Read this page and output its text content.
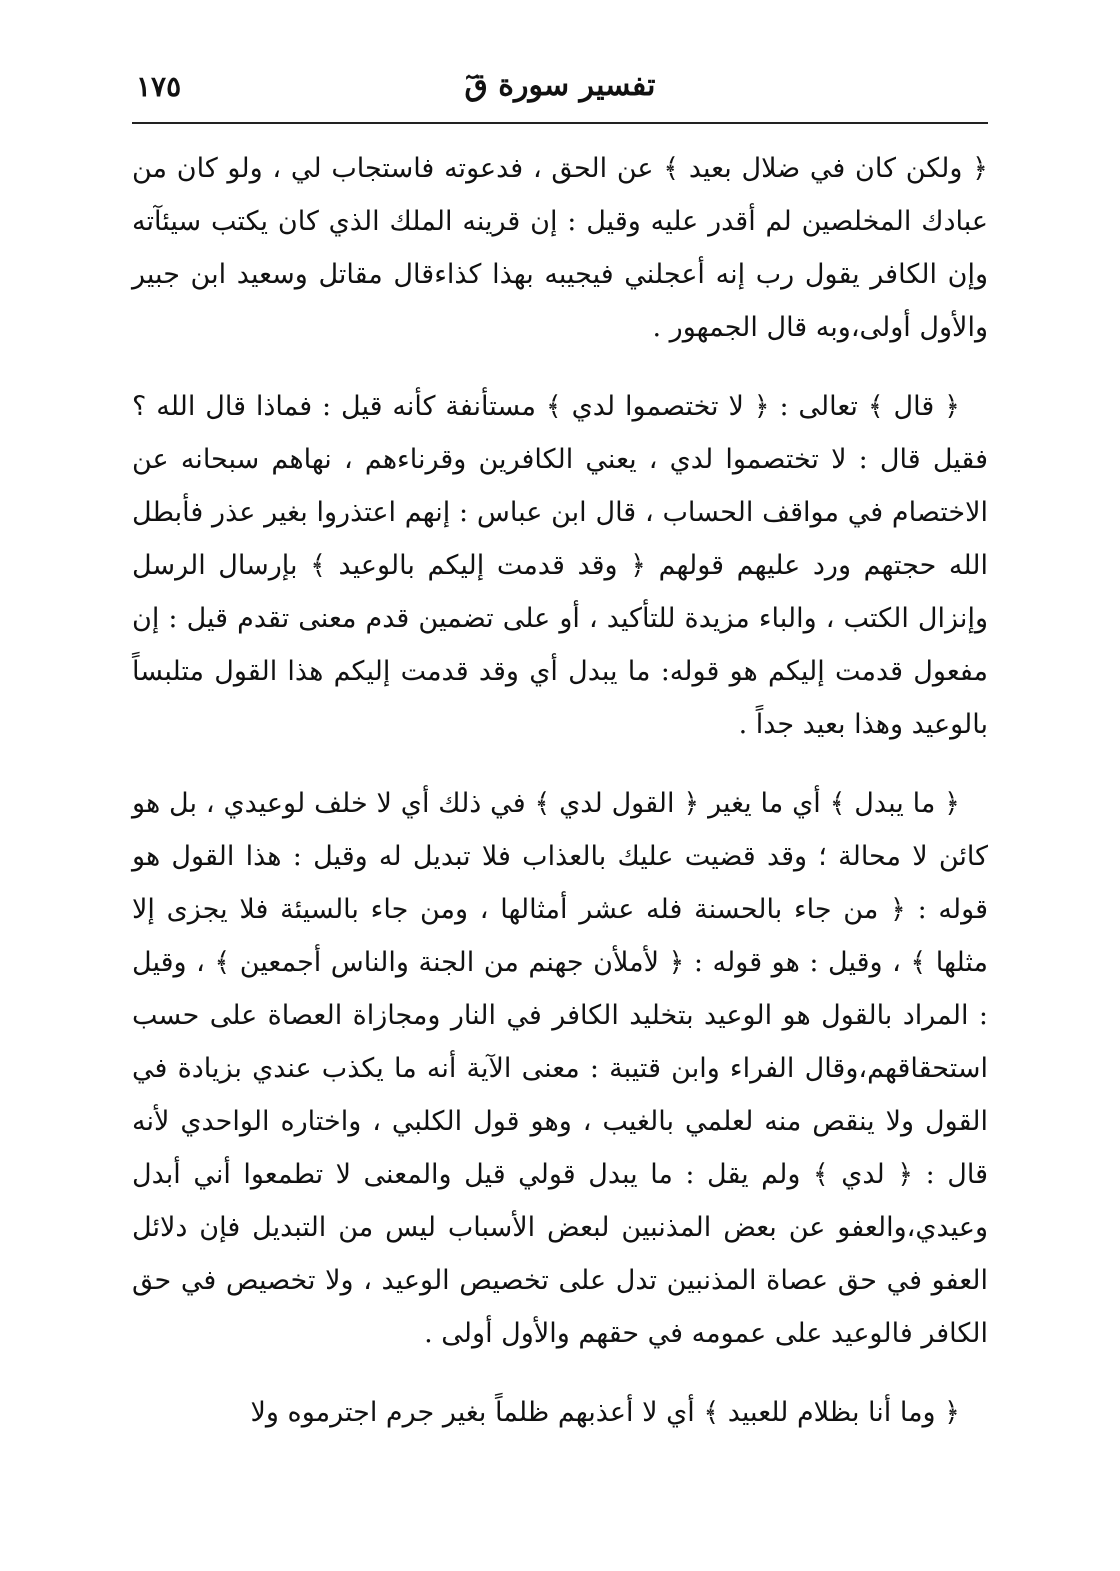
تفسير سورة قٓ
١٧٥

﴿ ولكن كان في ضلال بعيد ﴾ عن الحق ، فدعوته فاستجاب لي ، ولو كان من عبادك المخلصين لم أقدر عليه وقيل : إن قرينه الملك الذي كان يكتب سيئآته وإن الكافر يقول رب إنه أعجلني فيجيبه بهذا كذاءقال مقاتل وسعيد ابن جبير والأول أولى،وبه قال الجمهور .

﴿ قال ﴾ تعالى : ﴿ لا تختصموا لدي ﴾ مستأنفة كأنه قيل : فماذا قال الله ؟ فقيل قال : لا تختصموا لدي ، يعني الكافرين وقرناءهم ، نهاهم سبحانه عن الاختصام في مواقف الحساب ، قال ابن عباس : إنهم اعتذروا بغير عذر فأبطل الله حجتهم ورد عليهم قولهم ﴿ وقد قدمت إليكم بالوعيد ﴾ بإرسال الرسل وإنزال الكتب ، والباء مزيدة للتأكيد ، أو على تضمين قدم معنى تقدم قيل : إن مفعول قدمت إليكم هو قوله: ما يبدل أي وقد قدمت إليكم هذا القول متلبساً بالوعيد وهذا بعيد جداً .

﴿ ما يبدل ﴾ أي ما يغير ﴿ القول لدي ﴾ في ذلك أي لا خلف لوعيدي ، بل هو كائن لا محالة ؛ وقد قضيت عليك بالعذاب فلا تبديل له وقيل : هذا القول هو قوله : ﴿ من جاء بالحسنة فله عشر أمثالها ، ومن جاء بالسيئة فلا يجزى إلا مثلها ﴾ ، وقيل : هو قوله : ﴿ لأملأن جهنم من الجنة والناس أجمعين ﴾ ، وقيل : المراد بالقول هو الوعيد بتخليد الكافر في النار ومجازاة العصاة على حسب استحقاقهم،وقال الفراء وابن قتيبة : معنى الآية أنه ما يكذب عندي بزيادة في القول ولا ينقص منه لعلمي بالغيب ، وهو قول الكلبي ، واختاره الواحدي لأنه قال : ﴿ لدي ﴾ ولم يقل : ما يبدل قولي قيل والمعنى لا تطمعوا أني أبدل وعيدي،والعفو عن بعض المذنبين لبعض الأسباب ليس من التبديل فإن دلائل العفو في حق عصاة المذنبين تدل على تخصيص الوعيد ، ولا تخصيص في حق الكافر فالوعيد على عمومه في حقهم والأول أولى .

﴿ وما أنا بظلام للعبيد ﴾ أي لا أعذبهم ظلماً بغير جرم اجترموه ولا
